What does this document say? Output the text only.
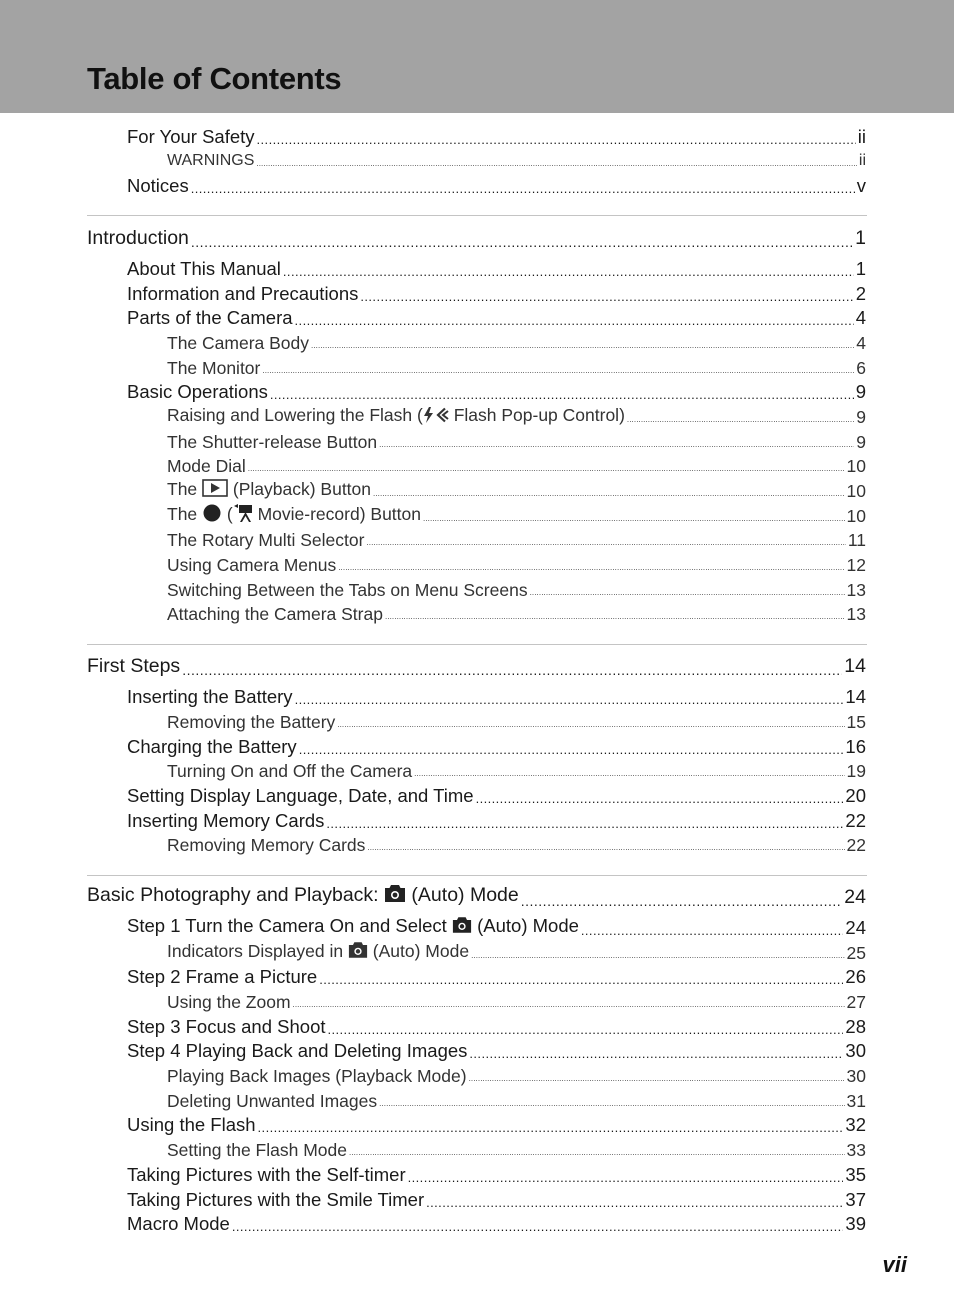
Table of Contents
For Your Safety .....	ii
WARNINGS .....	ii
Notices .....	v
Introduction .....	1
About This Manual .....	1
Information and Precautions .....	2
Parts of the Camera .....	4
The Camera Body .....	4
The Monitor .....	6
Basic Operations .....	9
Raising and Lowering the Flash ( Flash Pop-up Control) .....	9
The Shutter-release Button .....	9
Mode Dial .....	10
The  (Playback) Button .....	10
The  ( Movie-record) Button .....	10
The Rotary Multi Selector .....	11
Using Camera Menus .....	12
Switching Between the Tabs on Menu Screens .....	13
Attaching the Camera Strap .....	13
First Steps .....	14
Inserting the Battery .....	14
Removing the Battery .....	15
Charging the Battery .....	16
Turning On and Off the Camera .....	19
Setting Display Language, Date, and Time .....	20
Inserting Memory Cards .....	22
Removing Memory Cards .....	22
Basic Photography and Playback:  (Auto) Mode .....	24
Step 1 Turn the Camera On and Select  (Auto) Mode .....	24
Indicators Displayed in  (Auto) Mode .....	25
Step 2 Frame a Picture .....	26
Using the Zoom .....	27
Step 3 Focus and Shoot .....	28
Step 4 Playing Back and Deleting Images .....	30
Playing Back Images (Playback Mode) .....	30
Deleting Unwanted Images .....	31
Using the Flash .....	32
Setting the Flash Mode .....	33
Taking Pictures with the Self-timer .....	35
Taking Pictures with the Smile Timer .....	37
Macro Mode .....	39
vii
